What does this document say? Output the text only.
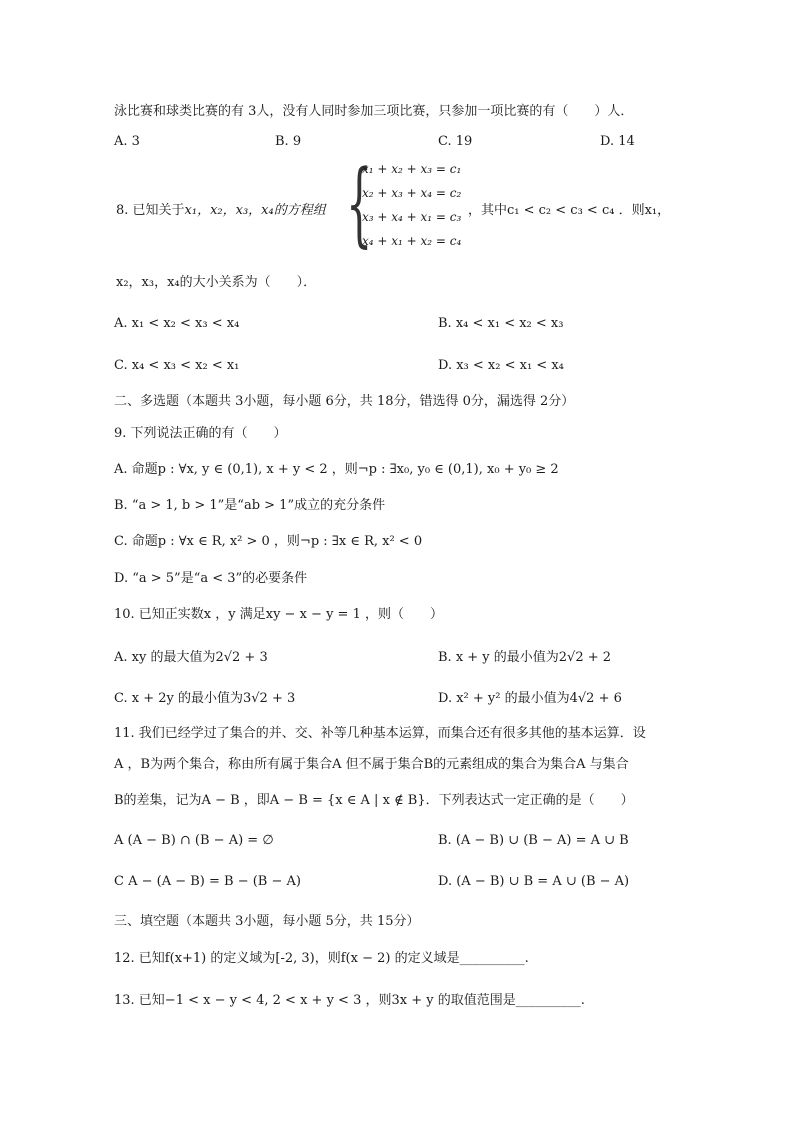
泳比赛和球类比赛的有 3人，没有人同时参加三项比赛，只参加一项比赛的有（　　）人．
A. 3	B. 9	C. 19	D. 14
8. 已知关于x₁，x₂，x₃，x₄的方程组 {
x₁ + x₂ + x₃ = c₁
x₂ + x₃ + x₄ = c₂
x₃ + x₄ + x₁ = c₃
x₄ + x₁ + x₂ = c₄
，其中c₁ < c₂ < c₃ < c₄ ．则x₁，
x₂，x₃，x₄的大小关系为（　　）．
A. x₁ < x₂ < x₃ < x₄	B. x₄ < x₁ < x₂ < x₃
C. x₄ < x₃ < x₂ < x₁	D. x₃ < x₂ < x₁ < x₄
二、多选题（本题共 3小题，每小题 6分，共 18分，错选得 0分，漏选得 2分）
9. 下列说法正确的有（　　）
A. 命题p : ∀x, y ∈ (0,1), x + y < 2 ，则¬p : ∃x₀, y₀ ∈ (0,1), x₀ + y₀ ≥ 2
B. “a > 1, b > 1”是“ab > 1”成立的充分条件
C. 命题p : ∀x ∈ R, x² > 0 ，则¬p : ∃x ∈ R, x² < 0
D. “a > 5”是“a < 3”的必要条件
10. 已知正实数x ，y 满足xy − x − y = 1 ，则（　　）
A. xy 的最大值为2√2 + 3	B. x + y 的最小值为2√2 + 2
C. x + 2y 的最小值为3√2 + 3	D. x² + y² 的最小值为4√2 + 6
11. 我们已经学过了集合的并、交、补等几种基本运算，而集合还有很多其他的基本运算．设
A ，B为两个集合，称由所有属于集合A 但不属于集合B的元素组成的集合为集合A 与集合
B的差集，记为A − B ，即A − B = {x ∈ A | x ∉ B}．下列表达式一定正确的是（　　）
A (A − B) ∩ (B − A) = ∅	B. (A − B) ∪ (B − A) = A ∪ B
C A − (A − B) = B − (B − A)	D. (A − B) ∪ B = A ∪ (B − A)
三、填空题（本题共 3小题，每小题 5分，共 15分）
12. 已知f(x+1) 的定义域为[-2, 3)，则f(x − 2) 的定义域是__________.
13. 已知−1 < x − y < 4, 2 < x + y < 3 ，则3x + y 的取值范围是__________.
